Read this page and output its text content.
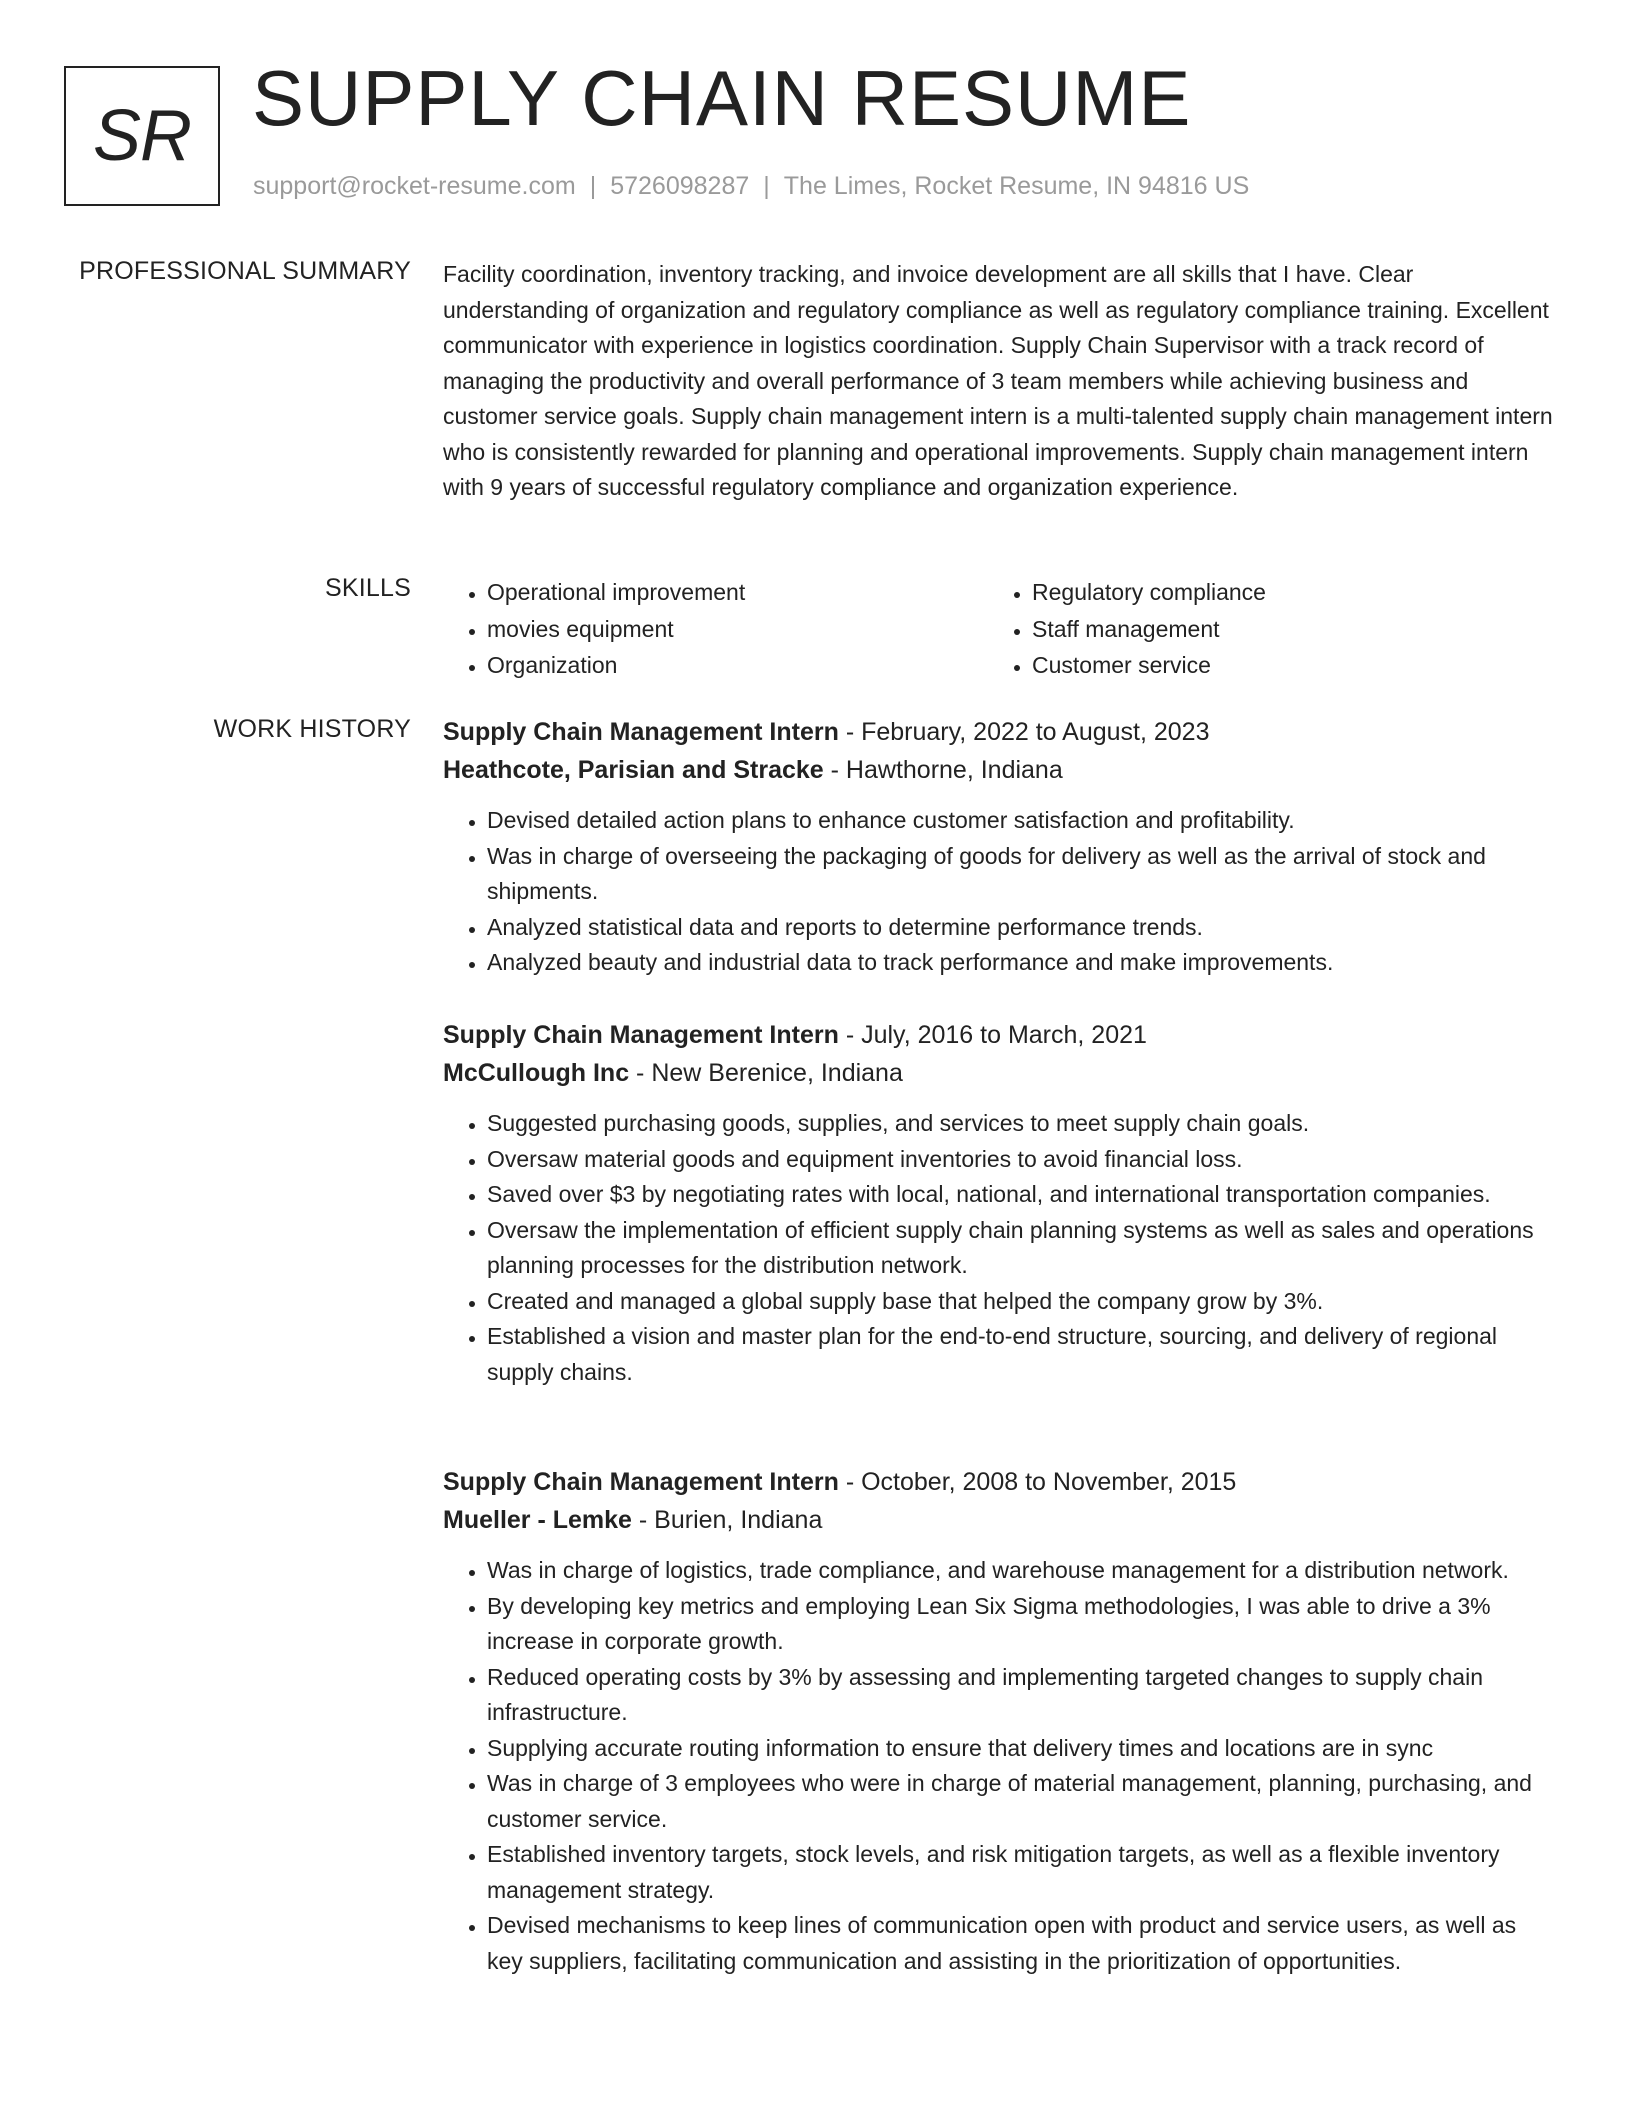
SR SUPPLY CHAIN RESUME
support@rocket-resume.com | 5726098287 | The Limes, Rocket Resume, IN 94816 US
PROFESSIONAL SUMMARY Facility coordination, inventory tracking, and invoice development are all skills that I have. Clear understanding of organization and regulatory compliance as well as regulatory compliance training. Excellent communicator with experience in logistics coordination. Supply Chain Supervisor with a track record of managing the productivity and overall performance of 3 team members while achieving business and customer service goals. Supply chain management intern is a multi-talented supply chain management intern who is consistently rewarded for planning and operational improvements. Supply chain management intern with 9 years of successful regulatory compliance and organization experience.

SKILLS
•	Operational improvement
• movies equipment
• Organization
• Regulatory compliance
• Staff management
• Customer service
WORK HISTORY Supply Chain Management Intern - February, 2022 to August, 2023
Heathcote, Parisian and Stracke - Hawthorne, Indiana
• Devised detailed action plans to enhance customer satisfaction and profitability.
• Was in charge of overseeing the packaging of goods for delivery as well as the arrival of stock and shipments.
• Analyzed statistical data and reports to determine performance trends.
• Analyzed beauty and industrial data to track performance and make improvements.
Supply Chain Management Intern - July, 2016 to March, 2021
McCullough Inc - New Berenice, Indiana
• Suggested purchasing goods, supplies, and services to meet supply chain goals.
• Oversaw material goods and equipment inventories to avoid financial loss.
• Saved over $3 by negotiating rates with local, national, and international transportation companies.
• Oversaw the implementation of efficient supply chain planning systems as well as sales and operations planning processes for the distribution network.
• Created and managed a global supply base that helped the company grow by 3%.
• Established a vision and master plan for the end-to-end structure, sourcing, and delivery of regional supply chains.
Supply Chain Management Intern - October, 2008 to November, 2015
Mueller - Lemke - Burien, Indiana
• Was in charge of logistics, trade compliance, and warehouse management for a distribution network.
• By developing key metrics and employing Lean Six Sigma methodologies, I was able to drive a 3% increase in corporate growth.
• Reduced operating costs by 3% by assessing and implementing targeted changes to supply chain infrastructure.
• Supplying accurate routing information to ensure that delivery times and locations are in sync
• Was in charge of 3 employees who were in charge of material management, planning, purchasing, and customer service.
• Established inventory targets, stock levels, and risk mitigation targets, as well as a flexible inventory management strategy.
• Devised mechanisms to keep lines of communication open with product and service users, as well as key suppliers, facilitating communication and assisting in the prioritization of opportunities.
